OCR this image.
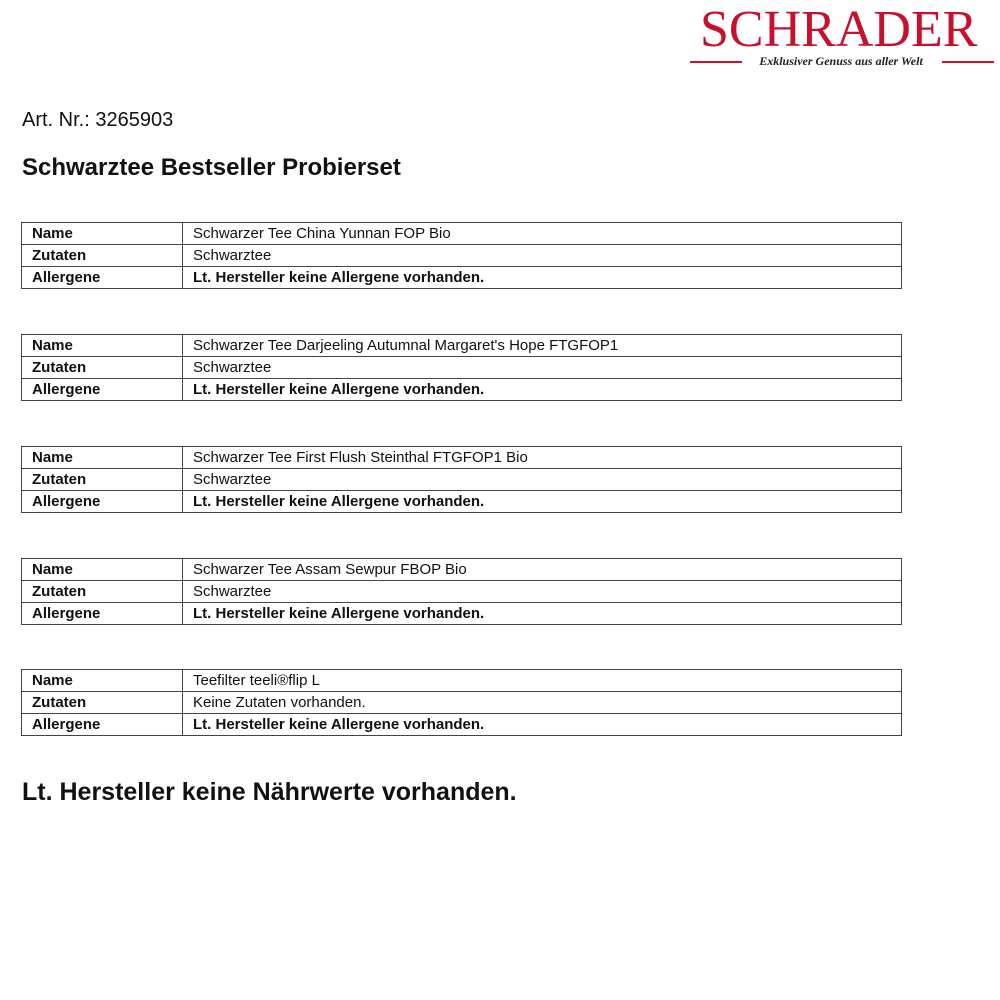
SCHRADER
Exklusiver Genuss aus aller Welt
Art. Nr.: 3265903
Schwarztee Bestseller Probierset
Name	Schwarzer Tee China Yunnan FOP Bio
Zutaten	Schwarztee
Allergene	Lt. Hersteller keine Allergene vorhanden.
Name	Schwarzer Tee Darjeeling Autumnal Margaret's Hope FTGFOP1
Zutaten	Schwarztee
Allergene	Lt. Hersteller keine Allergene vorhanden.
Name	Schwarzer Tee First Flush Steinthal FTGFOP1 Bio
Zutaten	Schwarztee
Allergene	Lt. Hersteller keine Allergene vorhanden.
Name	Schwarzer Tee Assam Sewpur FBOP Bio
Zutaten	Schwarztee
Allergene	Lt. Hersteller keine Allergene vorhanden.
Name	Teefilter teeli®flip L
Zutaten	Keine Zutaten vorhanden.
Allergene	Lt. Hersteller keine Allergene vorhanden.

Lt. Hersteller keine Nährwerte vorhanden.
